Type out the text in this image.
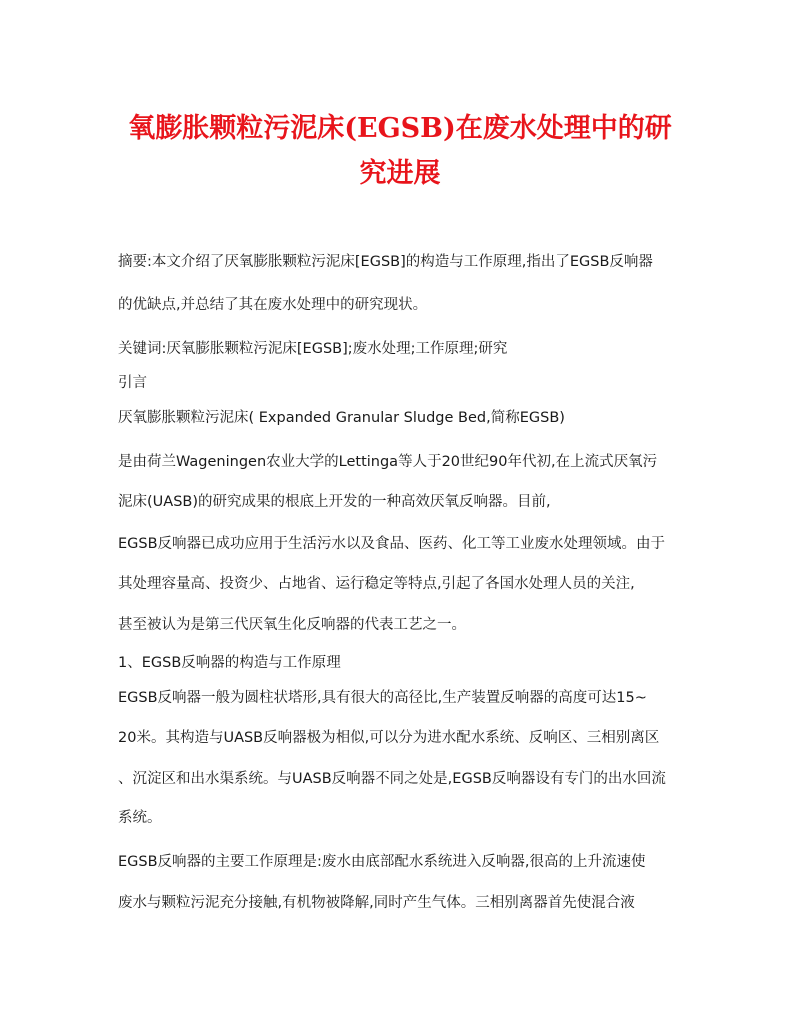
氧膨胀颗粒污泥床(EGSB)在废水处理中的研
究进展

摘要:本文介绍了厌氧膨胀颗粒污泥床[EGSB]的构造与工作原理,指出了EGSB反响器

的优缺点,并总结了其在废水处理中的研究现状。

关键词:厌氧膨胀颗粒污泥床[EGSB];废水处理;工作原理;研究

引言

厌氧膨胀颗粒污泥床( Expanded Granular Sludge Bed,简称EGSB)

是由荷兰Wageningen农业大学的Lettinga等人于20世纪90年代初,在上流式厌氧污

泥床(UASB)的研究成果的根底上开发的一种高效厌氧反响器。目前,

EGSB反响器已成功应用于生活污水以及食品、医药、化工等工业废水处理领域。由于

其处理容量高、投资少、占地省、运行稳定等特点,引起了各国水处理人员的关注,

甚至被认为是第三代厌氧生化反响器的代表工艺之一。

1、EGSB反响器的构造与工作原理

EGSB反响器一般为圆柱状塔形,具有很大的高径比,生产装置反响器的高度可达15~

20米。其构造与UASB反响器极为相似,可以分为进水配水系统、反响区、三相别离区

、沉淀区和出水渠系统。与UASB反响器不同之处是,EGSB反响器设有专门的出水回流

系统。

EGSB反响器的主要工作原理是:废水由底部配水系统进入反响器,很高的上升流速使

废水与颗粒污泥充分接触,有机物被降解,同时产生气体。三相别离器首先使混合液
